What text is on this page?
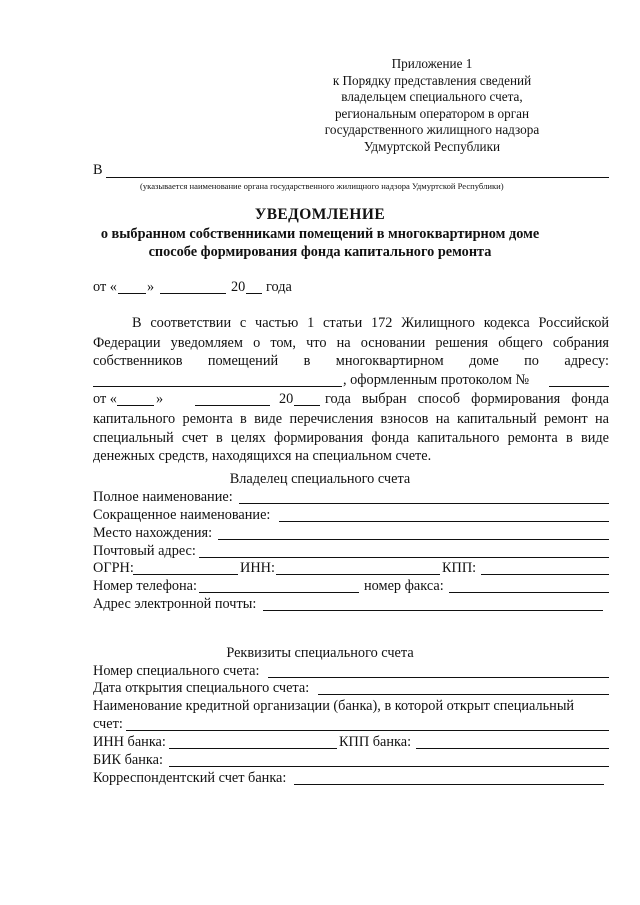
Приложение 1
к Порядку представления сведений
владельцем специального счета,
региональным оператором в орган
государственного жилищного надзора
Удмуртской Республики
В
(указывается наименование органа государственного жилищного надзора Удмуртской Республики)
УВЕДОМЛЕНИЕ
о выбранном собственниками помещений в многоквартирном доме
способе формирования фонда капитального ремонта
от « »	20 года
В соответствии с частью 1 статьи 172 Жилищного кодекса Российской
Федерации уведомляем о том, что на основании решения общего собрания
собственников помещений в многоквартирном доме по адресу:
, оформленным протоколом №
от «	»	20 года выбран способ формирования фонда
капитального ремонта в виде перечисления взносов на капитальный ремонт на
специальный счет в целях формирования фонда капитального ремонта в виде
денежных средств, находящихся на специальном счете.
Владелец специального счета
Полное наименование:
Сокращенное наименование:
Место нахождения:
Почтовый адрес:
ОГРН:	ИНН:	КПП:
Номер телефона:	номер факса:
Адрес электронной почты:
Реквизиты специального счета
Номер специального счета:
Дата открытия специального счета:
Наименование кредитной организации (банка), в которой открыт специальный
счет:
ИНН банка:	КПП банка:
БИК банка:
Корреспондентский счет банка:
